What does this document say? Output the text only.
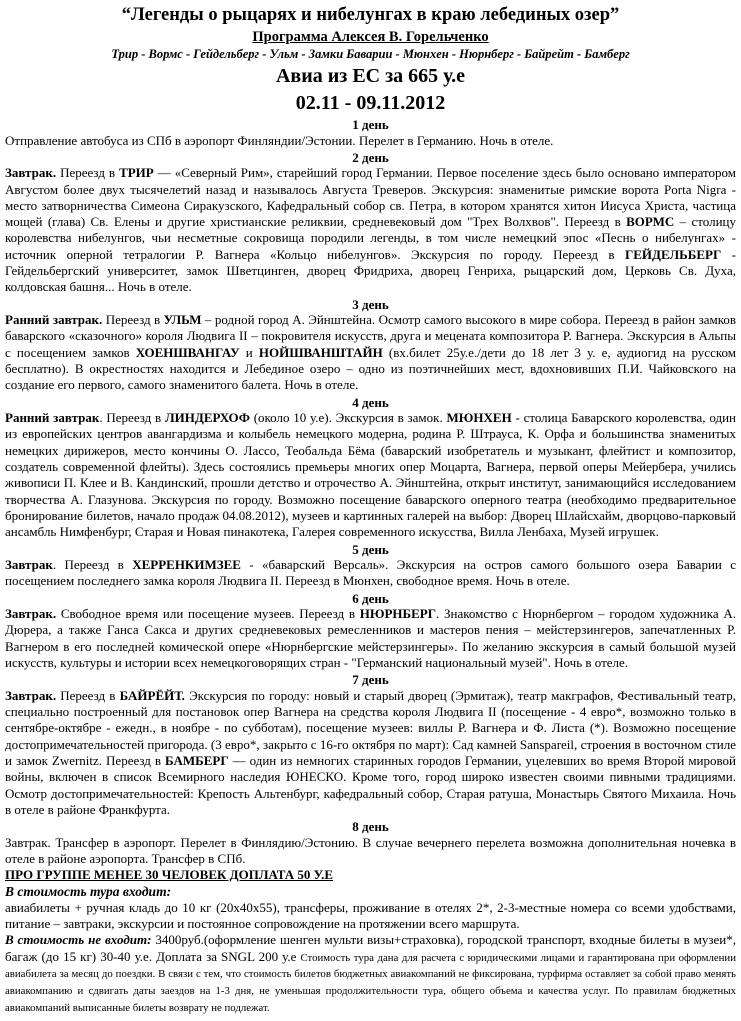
“Легенды о рыцарях и нибелунгах в краю лебединых озер”
Программа Алексея В. Горельченко
Трир - Вормс - Гейдельберг - Ульм - Замки Баварии - Мюнхен - Нюрнберг - Байрейт - Бамберг
Авиа из ЕС за 665 у.е
02.11 - 09.11.2012
1 день

Отправление автобуса из СПб в аэропорт Финляндии/Эстонии. Перелет в Германию. Ночь в отеле.

2 день

Завтрак. Переезд в ТРИР — «Северный Рим», старейший город Германии. Первое поселение здесь было основано императором Августом более двух тысячелетий назад и называлось Августа Треверов. Экскурсия: знаменитые римские ворота Porta Nigra - место затворничества Симеона Сиракузского, Кафедральный собор св. Петра, в котором хранятся хитон Иисуса Христа, частица мощей (глава) Св. Елены и другие христианские реликвии, средневековый дом "Трех Волхвов". Переезд в ВОРМС – столицу королевства нибелунгов, чьи несметные сокровища породили легенды, в том числе немецкий эпос «Песнь о нибелунгах» - источник оперной тетралогии Р. Вагнера «Кольцо нибелунгов». Экскурсия по городу. Переезд в ГЕЙДЕЛЬБЕРГ - Гейдельбергский университет, замок Шветцинген, дворец Фридриха, дворец Генриха, рыцарский дом, Церковь Св. Духа, колдовская башня... Ночь в отеле.

3 день

Ранний завтрак. Переезд в УЛЬМ – родной город А. Эйнштейна. Осмотр самого высокого в мире собора. Переезд в район замков баварского «сказочного» короля Людвига II – покровителя искусств, друга и мецената композитора Р. Вагнера. Экскурсия в Альпы с посещением замков ХОЕНШВАНГАУ и НОЙШВАНШТАЙН (вх.билет 25у.е./дети до 18 лет 3 у. е, аудиогид на русском бесплатно). В окрестностях находится и Лебединое озеро – одно из поэтичнейших мест, вдохновивших П.И. Чайковского на создание его первого, самого знаменитого балета. Ночь в отеле.

4 день

Ранний завтрак. Переезд в ЛИНДЕРХОФ (около 10 у.е). Экскурсия в замок. МЮНХЕН - столица Баварского королевства, один из европейских центров авангардизма и колыбель немецкого модерна, родина Р. Штрауса, К. Орфа и большинства знаменитых немецких дирижеров, место кончины О. Лассо, Теобальда Бёма (баварский изобретатель и музыкант, флейтист и композитор, создатель современной флейты). Здесь состоялись премьеры многих опер Моцарта, Вагнера, первой оперы Мейербера, учились живописи П. Клее и В. Кандинский, прошли детство и отрочество А. Эйнштейна, открыт институт, занимающийся исследованием творчества А. Глазунова. Экскурсия по городу. Возможно посещение баварского оперного театра (необходимо предварительное бронирование билетов, начало продаж 04.08.2012), музеев и картинных галерей на выбор: Дворец Шлайсхайм, дворцово-парковый ансамбль Нимфенбург, Старая и Новая пинакотека, Галерея современного искусства, Вилла Ленбаха, Музей игрушек.

5 день

Завтрак. Переезд в ХЕРРЕНКИМЗЕЕ - «баварский Версаль». Экскурсия на остров самого большого озера Баварии с посещением последнего замка короля Людвига II. Переезд в Мюнхен, свободное время. Ночь в отеле.

6 день

Завтрак. Свободное время или посещение музеев. Переезд в НЮРНБЕРГ. Знакомство с Нюрнбергом – городом художника А. Дюрера, а также Ганса Сакса и других средневековых ремесленников и мастеров пения – мейстерзингеров, запечатленных Р. Вагнером в его последней комической опере «Нюрнбергские мейстерзингеры». По желанию экскурсия в самый большой музей искусств, культуры и истории всех немецкоговорящих стран - "Германский национальный музей". Ночь в отеле.

7 день

Завтрак. Переезд в БАЙРЁЙТ. Экскурсия по городу: новый и старый дворец (Эрмитаж), театр макграфов, Фестивальный театр, специально построенный для постановок опер Вагнера на средства короля Людвига II (посещение - 4 евро*, возможно только в сентябре-октябре - ежедн., в ноябре - по субботам), посещение музеев: виллы Р. Вагнера и Ф. Листа (*). Возможно посещение достопримечательностей пригорода. (3 евро*, закрыто с 16-го октября по март): Сад камней Sanspareil, строения в восточном стиле и замок Zwernitz. Переезд в БАМБЕРГ — один из немногих старинных городов Германии, уцелевших во время Второй мировой войны, включен в список Всемирного наследия ЮНЕСКО. Кроме того, город широко известен своими пивными традициями. Осмотр достопримечательностей: Крепость Альтенбург, кафедральный собор, Старая ратуша, Монастырь Святого Михаила. Ночь в отеле в районе Франкфурта.

8 день

Завтрак. Трансфер в аэропорт. Перелет в Финлядию/Эстонию. В случае вечернего перелета возможна дополнительная ночевка в отеле в районе аэропорта. Трансфер в СПб.

ПРО ГРУППЕ МЕНЕЕ 30 ЧЕЛОВЕК ДОПЛАТА 50 У.Е

В стоимость тура входит:

авиабилеты + ручная кладь до 10 кг (20x40x55), трансферы, проживание в отелях 2*, 2-3-местные номера со всеми удобствами, питание – завтраки, экскурсии и постоянное сопровождение на протяжении всего маршрута.

В стоимость не входит: 3400руб.(оформление шенген мульти визы+страховка), городской транспорт, входные билеты в музеи*, багаж (до 15 кг) 30-40 у.е. Доплата за SNGL 200 у.е Стоимость тура дана для расчета с юридическими лицами и гарантирована при оформлении авиабилета за месяц до поездки. В связи с тем, что стоимость билетов бюджетных авиакомпаний не фиксирована, турфирма оставляет за собой право менять авиакомпанию и сдвигать даты заездов на 1-3 дня, не уменьшая продолжительности тура, общего объема и качества услуг. По правилам бюджетных авиакомпаний выписанные билеты возврату не подлежат.
